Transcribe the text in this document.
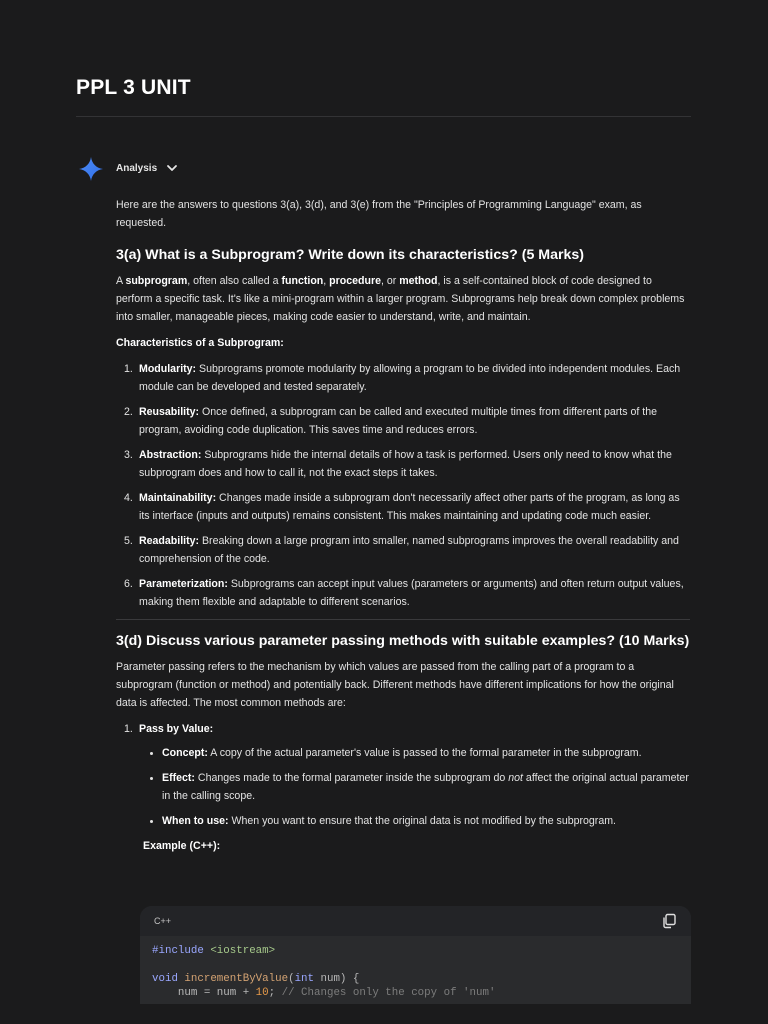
PPL 3 UNIT
Analysis

Here are the answers to questions 3(a), 3(d), and 3(e) from the "Principles of Programming Language" exam, as requested.

3(a) What is a Subprogram? Write down its characteristics? (5 Marks)

A subprogram, often also called a function, procedure, or method, is a self-contained block of code designed to perform a specific task. It's like a mini-program within a larger program. Subprograms help break down complex problems into smaller, manageable pieces, making code easier to understand, write, and maintain.

Characteristics of a Subprogram:
1. Modularity: Subprograms promote modularity by allowing a program to be divided into independent modules. Each module can be developed and tested separately.
2. Reusability: Once defined, a subprogram can be called and executed multiple times from different parts of the program, avoiding code duplication. This saves time and reduces errors.
3. Abstraction: Subprograms hide the internal details of how a task is performed. Users only need to know what the subprogram does and how to call it, not the exact steps it takes.
4. Maintainability: Changes made inside a subprogram don't necessarily affect other parts of the program, as long as its interface (inputs and outputs) remains consistent. This makes maintaining and updating code much easier.
5. Readability: Breaking down a large program into smaller, named subprograms improves the overall readability and comprehension of the code.
6. Parameterization: Subprograms can accept input values (parameters or arguments) and often return output values, making them flexible and adaptable to different scenarios.
3(d) Discuss various parameter passing methods with suitable examples? (10 Marks)

Parameter passing refers to the mechanism by which values are passed from the calling part of a program to a subprogram (function or method) and potentially back. Different methods have different implications for how the original data is affected. The most common methods are:

1. Pass by Value:
Concept: A copy of the actual parameter's value is passed to the formal parameter in the subprogram.
Effect: Changes made to the formal parameter inside the subprogram do not affect the original actual parameter in the calling scope.
When to use: When you want to ensure that the original data is not modified by the subprogram.
Example (C++):
C++
#include <iostream>

void incrementByValue(int num) {
num = num + 10; // Changes only the copy of 'num'
